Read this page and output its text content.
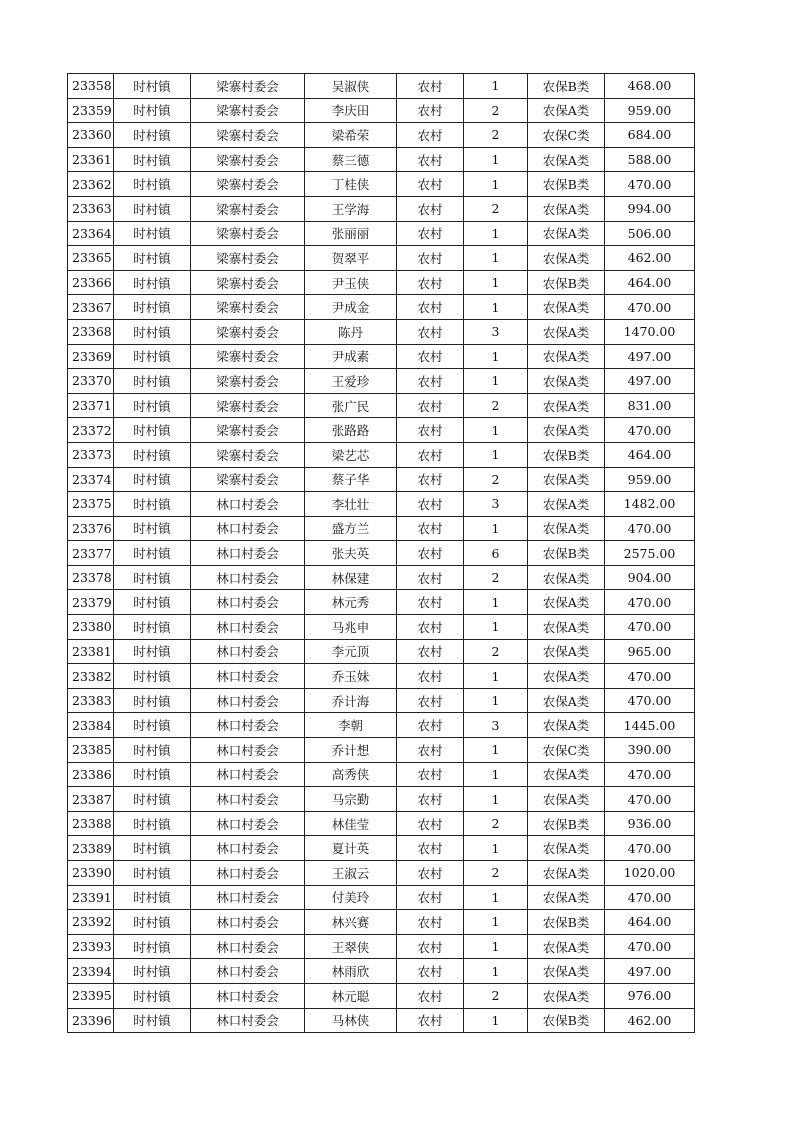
23358	时村镇	梁寨村委会	吴淑侠	农村	1	农保B类	468.00
23359	时村镇	梁寨村委会	李庆田	农村	2	农保A类	959.00
23360	时村镇	梁寨村委会	梁希荣	农村	2	农保C类	684.00
23361	时村镇	梁寨村委会	蔡三德	农村	1	农保A类	588.00
23362	时村镇	梁寨村委会	丁桂侠	农村	1	农保B类	470.00
23363	时村镇	梁寨村委会	王学海	农村	2	农保A类	994.00
23364	时村镇	梁寨村委会	张丽丽	农村	1	农保A类	506.00
23365	时村镇	梁寨村委会	贺翠平	农村	1	农保A类	462.00
23366	时村镇	梁寨村委会	尹玉侠	农村	1	农保B类	464.00
23367	时村镇	梁寨村委会	尹成金	农村	1	农保A类	470.00
23368	时村镇	梁寨村委会	陈丹	农村	3	农保A类	1470.00
23369	时村镇	梁寨村委会	尹成素	农村	1	农保A类	497.00
23370	时村镇	梁寨村委会	王爱珍	农村	1	农保A类	497.00
23371	时村镇	梁寨村委会	张广民	农村	2	农保A类	831.00
23372	时村镇	梁寨村委会	张路路	农村	1	农保A类	470.00
23373	时村镇	梁寨村委会	梁艺芯	农村	1	农保B类	464.00
23374	时村镇	梁寨村委会	蔡子华	农村	2	农保A类	959.00
23375	时村镇	林口村委会	李壮壮	农村	3	农保A类	1482.00
23376	时村镇	林口村委会	盛方兰	农村	1	农保A类	470.00
23377	时村镇	林口村委会	张夫英	农村	6	农保B类	2575.00
23378	时村镇	林口村委会	林保建	农村	2	农保A类	904.00
23379	时村镇	林口村委会	林元秀	农村	1	农保A类	470.00
23380	时村镇	林口村委会	马兆申	农村	1	农保A类	470.00
23381	时村镇	林口村委会	李元顶	农村	2	农保A类	965.00
23382	时村镇	林口村委会	乔玉妹	农村	1	农保A类	470.00
23383	时村镇	林口村委会	乔计海	农村	1	农保A类	470.00
23384	时村镇	林口村委会	李朝	农村	3	农保A类	1445.00
23385	时村镇	林口村委会	乔计想	农村	1	农保C类	390.00
23386	时村镇	林口村委会	高秀侠	农村	1	农保A类	470.00
23387	时村镇	林口村委会	马宗勤	农村	1	农保A类	470.00
23388	时村镇	林口村委会	林佳莹	农村	2	农保B类	936.00
23389	时村镇	林口村委会	夏计英	农村	1	农保A类	470.00
23390	时村镇	林口村委会	王淑云	农村	2	农保A类	1020.00
23391	时村镇	林口村委会	付美玲	农村	1	农保A类	470.00
23392	时村镇	林口村委会	林兴赛	农村	1	农保B类	464.00
23393	时村镇	林口村委会	王翠侠	农村	1	农保A类	470.00
23394	时村镇	林口村委会	林雨欣	农村	1	农保A类	497.00
23395	时村镇	林口村委会	林元聪	农村	2	农保A类	976.00
23396	时村镇	林口村委会	马林侠	农村	1	农保B类	462.00
